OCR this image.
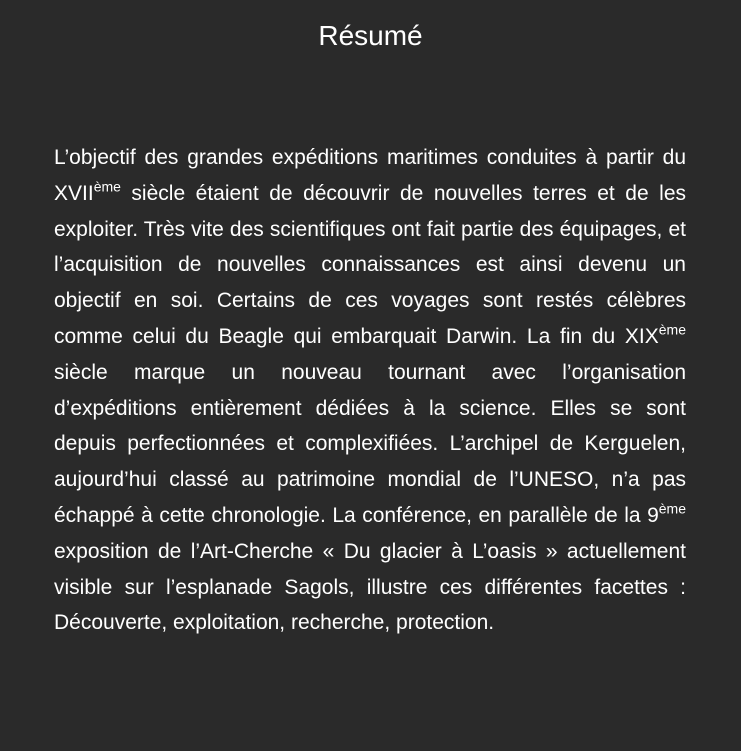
Résumé

L’objectif des grandes expéditions maritimes conduites à partir du XVIIème siècle étaient de découvrir de nouvelles terres et de les exploiter. Très vite des scientifiques ont fait partie des équipages, et l’acquisition de nouvelles connaissances est ainsi devenu un objectif en soi. Certains de ces voyages sont restés célèbres comme celui du Beagle qui embarquait Darwin. La fin du XIXème siècle marque un nouveau tournant avec l’organisation d’expéditions entièrement dédiées à la science. Elles se sont depuis perfectionnées et complexifiées. L’archipel de Kerguelen, aujourd’hui classé au patrimoine mondial de l’UNESO, n’a pas échappé à cette chronologie. La conférence, en parallèle de la 9ème exposition de l’Art-Cherche « Du glacier à L’oasis » actuellement visible sur l’esplanade Sagols, illustre ces différentes facettes : Découverte, exploitation, recherche, protection.
